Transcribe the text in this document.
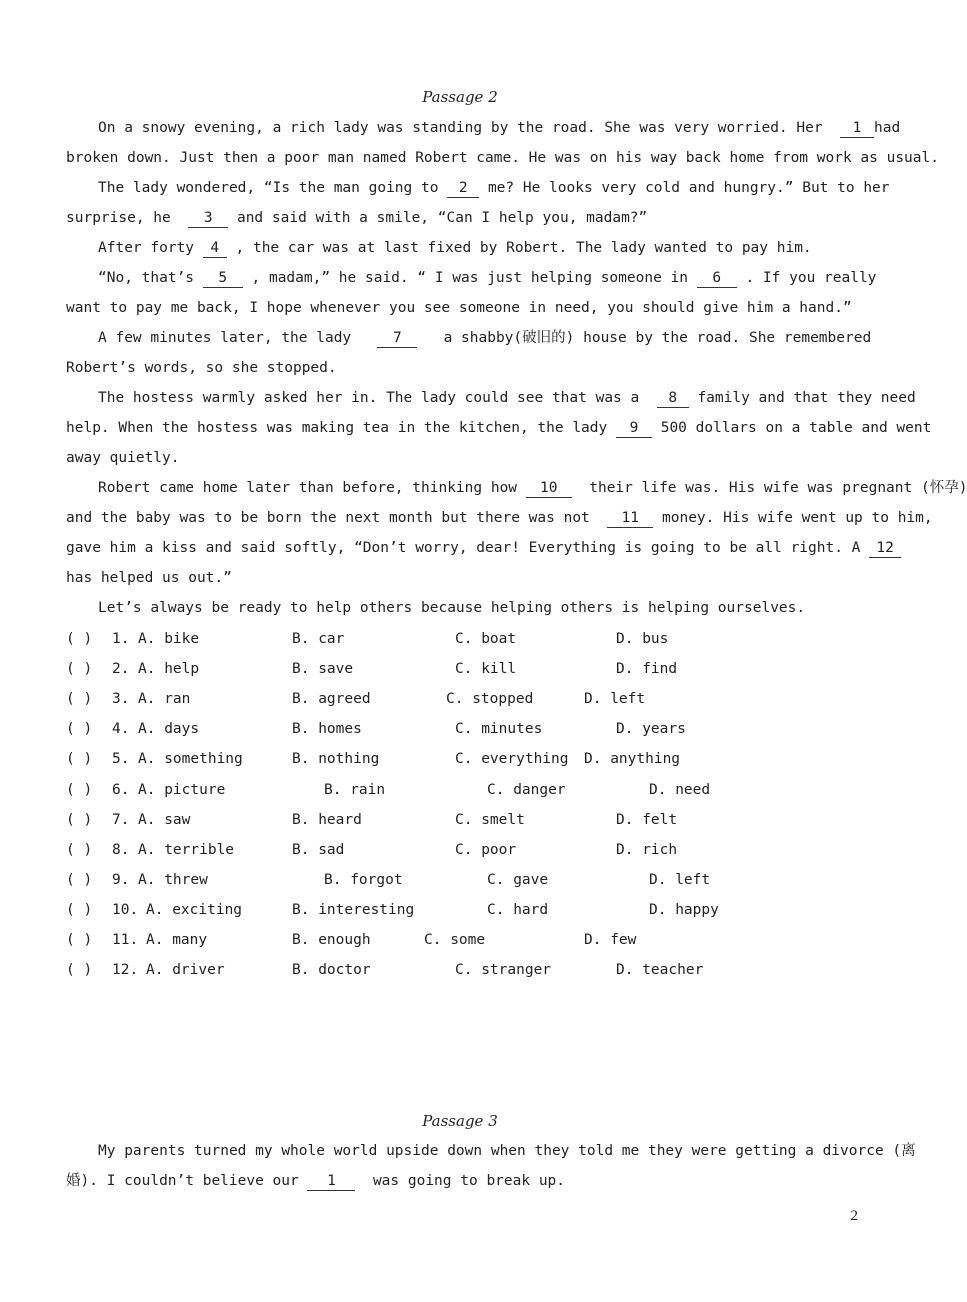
Passage 2
On a snowy evening, a rich lady was standing by the road. She was very worried. Her 1 had
broken down. Just then a poor man named Robert came. He was on his way back home from work as usual.
The lady wondered, “Is the man going to 2 me? He looks very cold and hungry.” But to her
surprise, he 3 and said with a smile, “Can I help you, madam?”
After forty 4 , the car was at last fixed by Robert. The lady wanted to pay him.
“No, that’s 5 , madam,” he said. “ I was just helping someone in 6 . If you really
want to pay me back, I hope whenever you see someone in need, you should give him a hand.”
A few minutes later, the lady	7	a shabby(破旧的) house by the road. She remembered
Robert’s words, so she stopped.
The hostess warmly asked her in. The lady could see that was a 8 family and that they need
help. When the hostess was making tea in the kitchen, the lady 9 500 dollars on a table and went
away quietly.
Robert came home later than before, thinking how 10 their life was. His wife was pregnant (怀孕)
and the baby was to be born the next month but there was not 11 money. His wife went up to him,
gave him a kiss and said softly, “Don’t worry, dear! Everything is going to be all right. A 12
has helped us out.”
Let’s always be ready to help others because helping others is helping ourselves.
( ) 1. A. bike	B. car	C. boat	D. bus
( ) 2. A. help	B. save	C. kill	D. find
( ) 3. A. ran	B. agreed	C. stopped	D. left
( ) 4. A. days	B. homes	C. minutes	D. years
( ) 5. A. something	B. nothing	C. everything D. anything
( ) 6. A. picture	B. rain	C. danger	D. need
( ) 7. A. saw	B. heard	C. smelt	D. felt
( ) 8. A. terrible	B. sad	C. poor	D. rich
( ) 9. A. threw	B. forgot	C. gave	D. left
( ) 10. A. exciting	B. interesting	C. hard	D. happy
( ) 11. A. many	B. enough	C. some	D. few
( ) 12. A. driver	B. doctor	C. stranger	D. teacher
Passage 3
My parents turned my whole world upside down when they told me they were getting a divorce (离
婚). I couldn’t believe our 1	was going to break up.
2
